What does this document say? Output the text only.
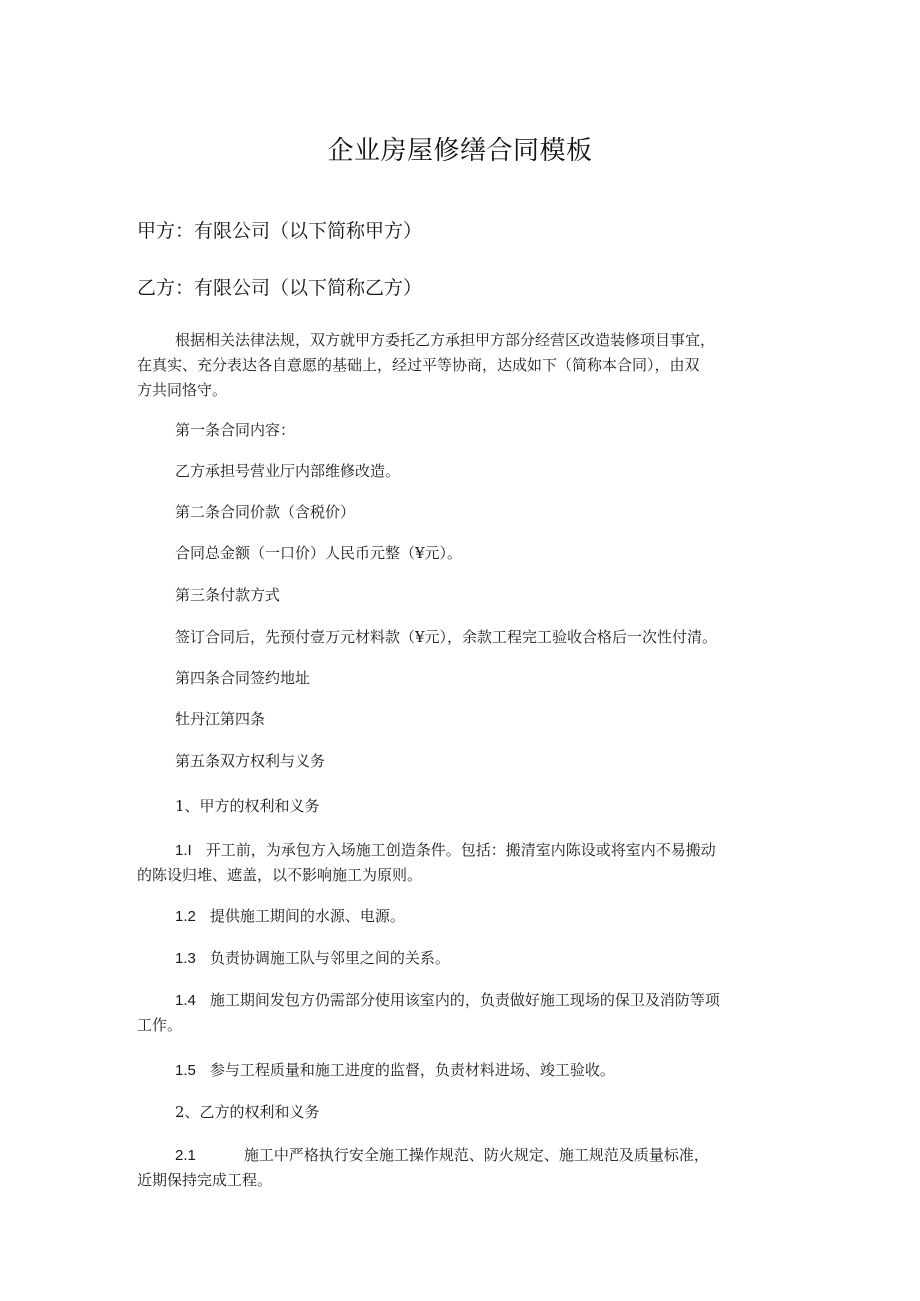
企业房屋修缮合同模板
甲方：有限公司（以下简称甲方）
乙方：有限公司（以下简称乙方）
根据相关法律法规，双方就甲方委托乙方承担甲方部分经营区改造装修项目事宜，
在真实、充分表达各自意愿的基础上，经过平等协商，达成如下（简称本合同），由双
方共同恪守。
第一条合同内容：
乙方承担号营业厅内部维修改造。
第二条合同价款（含税价）
合同总金额（一口价）人民币元整（¥元）。
第三条付款方式
签订合同后，先预付壹万元材料款（¥元），余款工程完工验收合格后一次性付清。
第四条合同签约地址
牡丹江第四条
第五条双方权利与义务
1、甲方的权利和义务
1.I 开工前，为承包方入场施工创造条件。包括：搬清室内陈设或将室内不易搬动
的陈设归堆、遮盖，以不影响施工为原则。
1.2 提供施工期间的水源、电源。
1.3 负责协调施工队与邻里之间的关系。
1.4 施工期间发包方仍需部分使用该室内的，负责做好施工现场的保卫及消防等项
工作。
1.5 参与工程质量和施工进度的监督，负责材料进场、竣工验收。
2、乙方的权利和义务
2.1	施工中严格执行安全施工操作规范、防火规定、施工规范及质量标准，
近期保持完成工程。
